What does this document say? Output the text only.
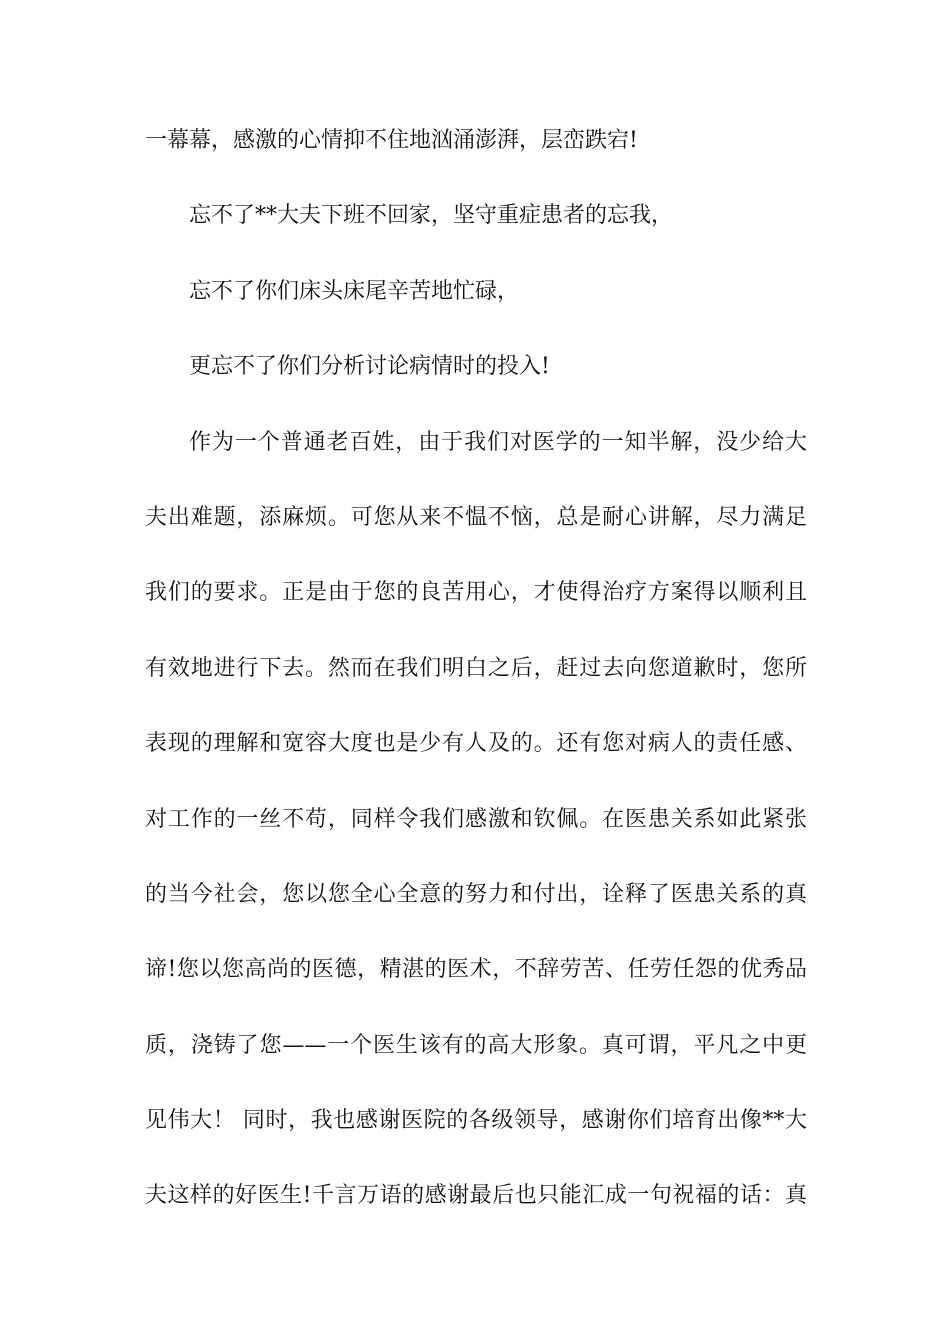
一幕幕，感激的心情抑不住地汹涌澎湃，层峦跌宕!
忘不了**大夫下班不回家，坚守重症患者的忘我，
忘不了你们床头床尾辛苦地忙碌，
更忘不了你们分析讨论病情时的投入!
作为一个普通老百姓，由于我们对医学的一知半解，没少给大
夫出难题，添麻烦。可您从来不愠不恼，总是耐心讲解，尽力满足
我们的要求。正是由于您的良苦用心，才使得治疗方案得以顺利且
有效地进行下去。然而在我们明白之后，赶过去向您道歉时，您所
表现的理解和宽容大度也是少有人及的。还有您对病人的责任感、
对工作的一丝不苟，同样令我们感激和钦佩。在医患关系如此紧张
的当今社会，您以您全心全意的努力和付出，诠释了医患关系的真
谛!您以您高尚的医德，精湛的医术，不辞劳苦、任劳任怨的优秀品
质，浇铸了您——一个医生该有的高大形象。真可谓，平凡之中更
见伟大！ 同时，我也感谢医院的各级领导，感谢你们培育出像**大
夫这样的好医生!千言万语的感谢最后也只能汇成一句祝福的话：真
